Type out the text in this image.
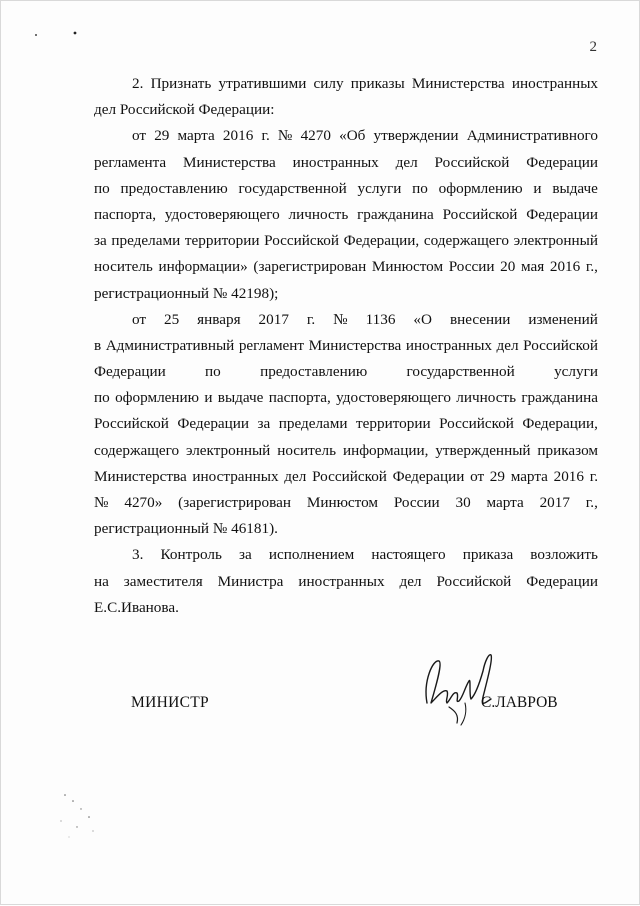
2
2. Признать утратившими силу приказы Министерства иностранных
дел Российской Федерации:
от 29 марта 2016 г. № 4270 «Об утверждении Административного
регламента Министерства иностранных дел Российской Федерации
по предоставлению государственной услуги по оформлению и выдаче
паспорта, удостоверяющего личность гражданина Российской Федерации
за пределами территории Российской Федерации, содержащего электронный
носитель информации» (зарегистрирован Минюстом России 20 мая 2016 г.,
регистрационный № 42198);
от 25 января 2017 г. № 1136 «О внесении изменений
в Административный регламент Министерства иностранных дел Российской
Федерации	по	предоставлению	государственной	услуги
по оформлению и выдаче паспорта, удостоверяющего личность гражданина
Российской Федерации за пределами территории Российской Федерации,
содержащего электронный носитель информации, утвержденный приказом
Министерства иностранных дел Российской Федерации от 29 марта 2016 г.
№ 4270» (зарегистрирован Минюстом России 30 марта 2017 г.,
регистрационный № 46181).
3. Контроль за исполнением настоящего приказа возложить
на заместителя Министра иностранных дел Российской Федерации
Е.С.Иванова.
МИНИСТР	С.ЛАВРОВ
